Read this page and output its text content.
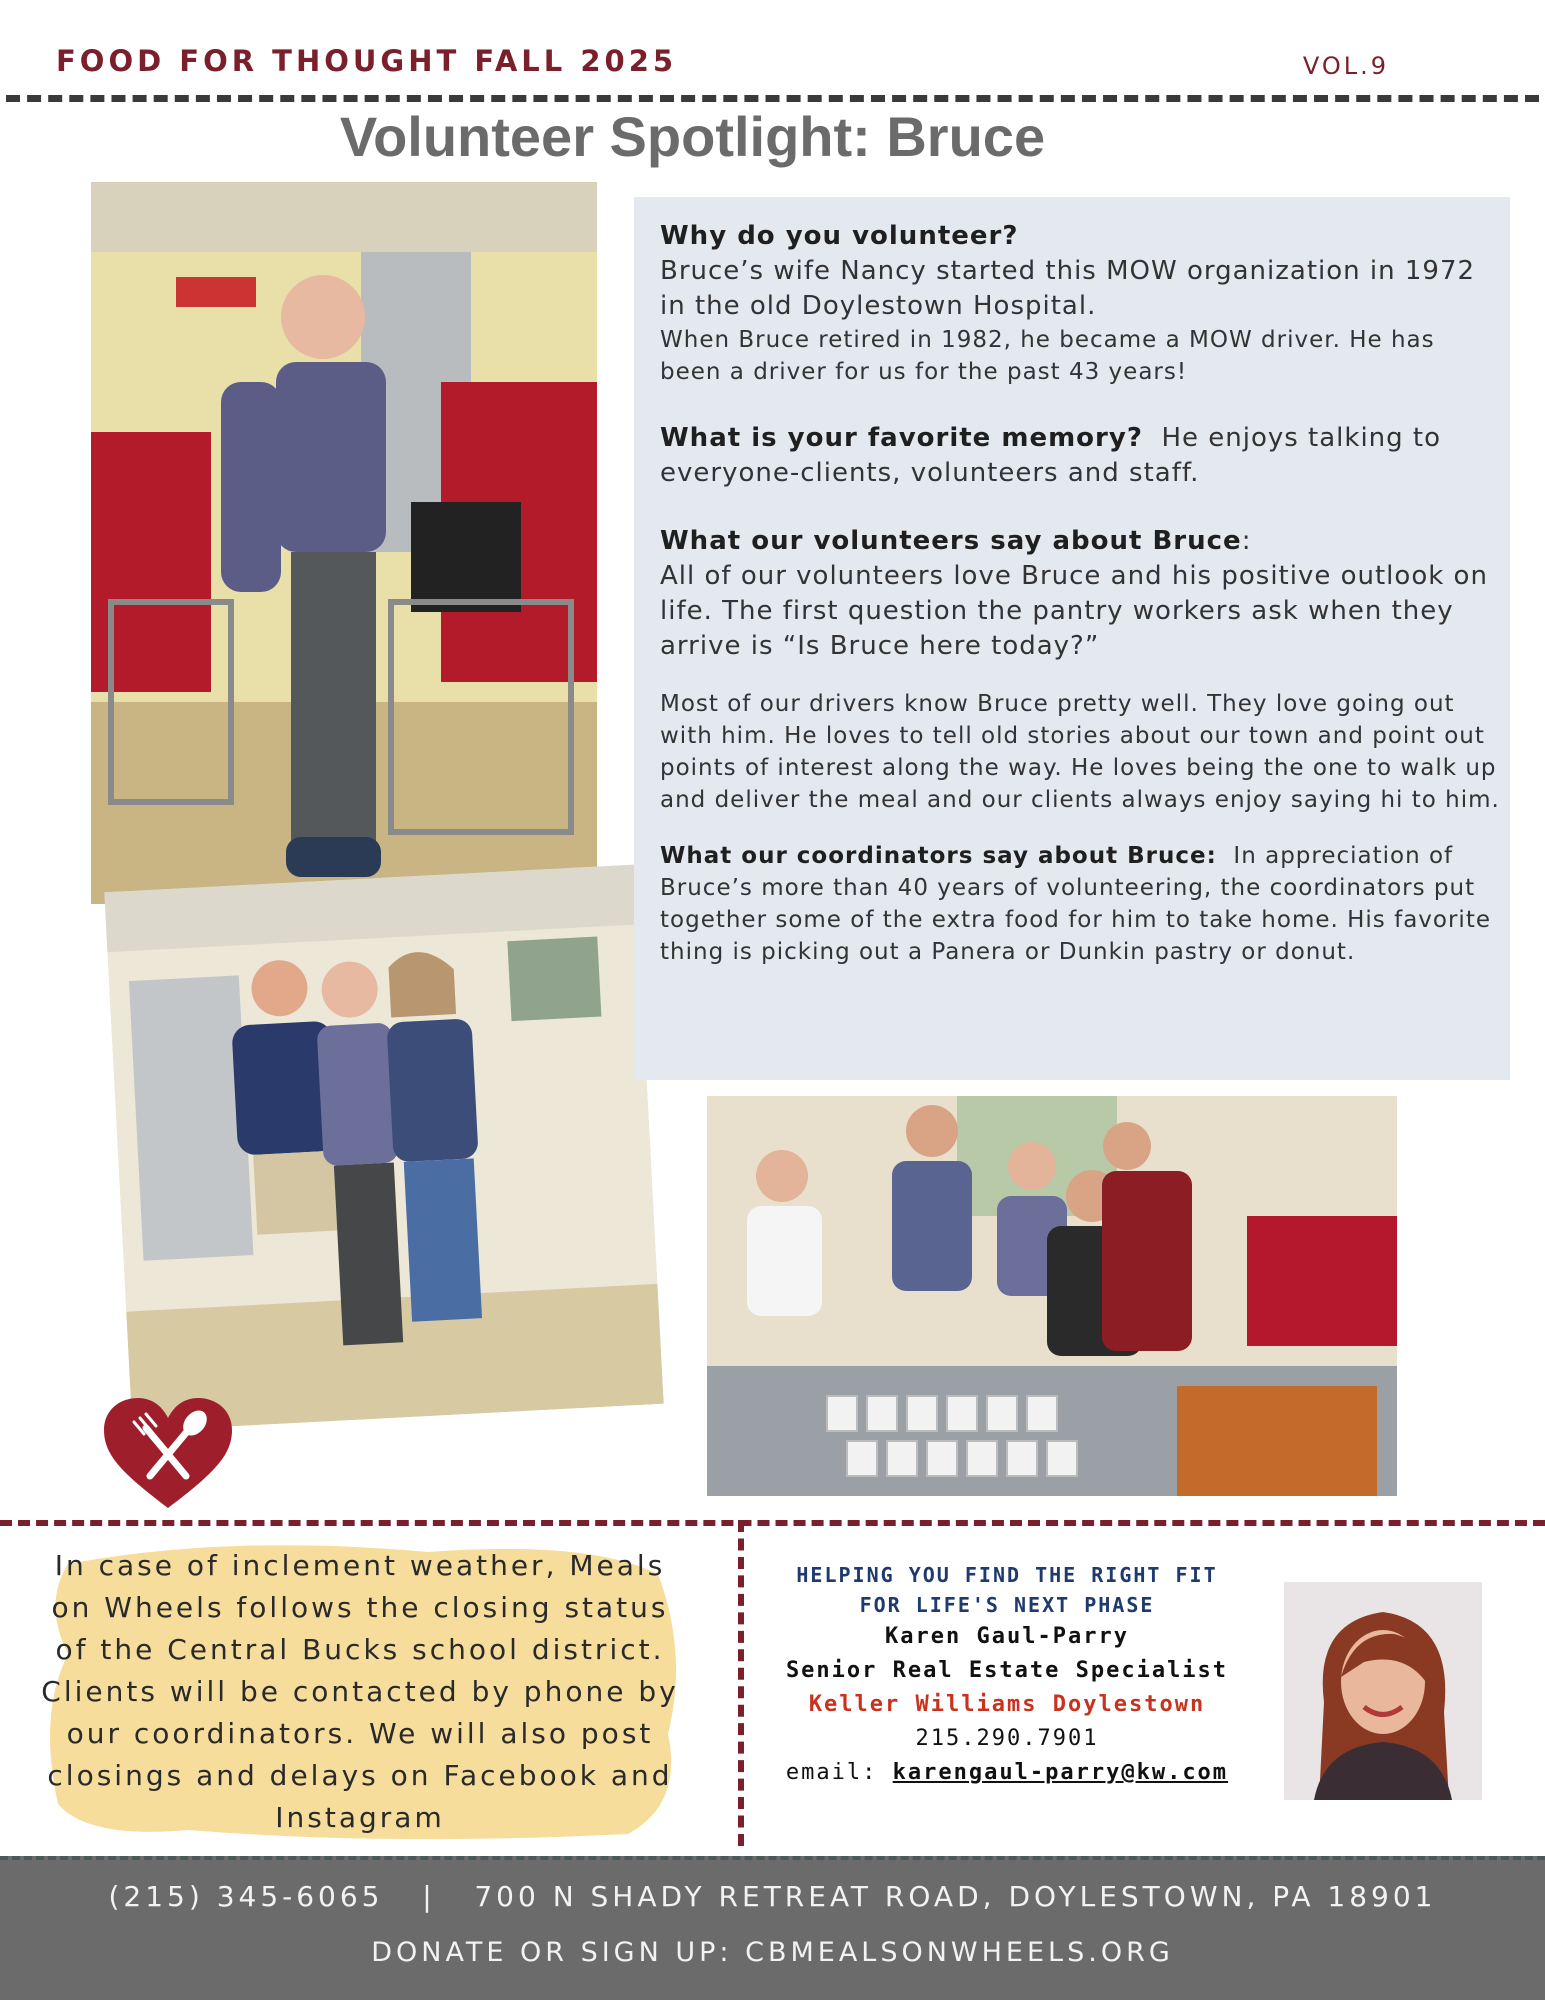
FOOD FOR THOUGHT FALL 2025	VOL.9
Volunteer Spotlight: Bruce

Why do you volunteer?

Bruce’s wife Nancy started this MOW organization in 1972 in the old Doylestown Hospital.

When Bruce retired in 1982, he became a MOW driver. He has been a driver for us for the past 43 years!

What is your favorite memory? He enjoys talking to everyone-clients, volunteers and staff.

What our volunteers say about Bruce:

All of our volunteers love Bruce and his positive outlook on life. The first question the pantry workers ask when they arrive is “Is Bruce here today?”

Most of our drivers know Bruce pretty well. They love going out with him. He loves to tell old stories about our town and point out points of interest along the way. He loves being the one to walk up and deliver the meal and our clients always enjoy saying hi to him.

What our coordinators say about Bruce: In appreciation of Bruce’s more than 40 years of volunteering, the coordinators put together some of the extra food for him to take home. His favorite thing is picking out a Panera or Dunkin pastry or donut.

In case of inclement weather, Meals on Wheels follows the closing status of the Central Bucks school district. Clients will be contacted by phone by our coordinators. We will also post closings and delays on Facebook and Instagram
HELPING YOU FIND THE RIGHT FIT
FOR LIFE'S NEXT PHASE
Karen Gaul-Parry
Senior Real Estate Specialist
Keller Williams Doylestown
215.290.7901
email: karengaul-parry@kw.com
(215) 345-6065 | 700 N SHADY RETREAT ROAD, DOYLESTOWN, PA 18901
DONATE OR SIGN UP: CBMEALSONWHEELS.ORG
